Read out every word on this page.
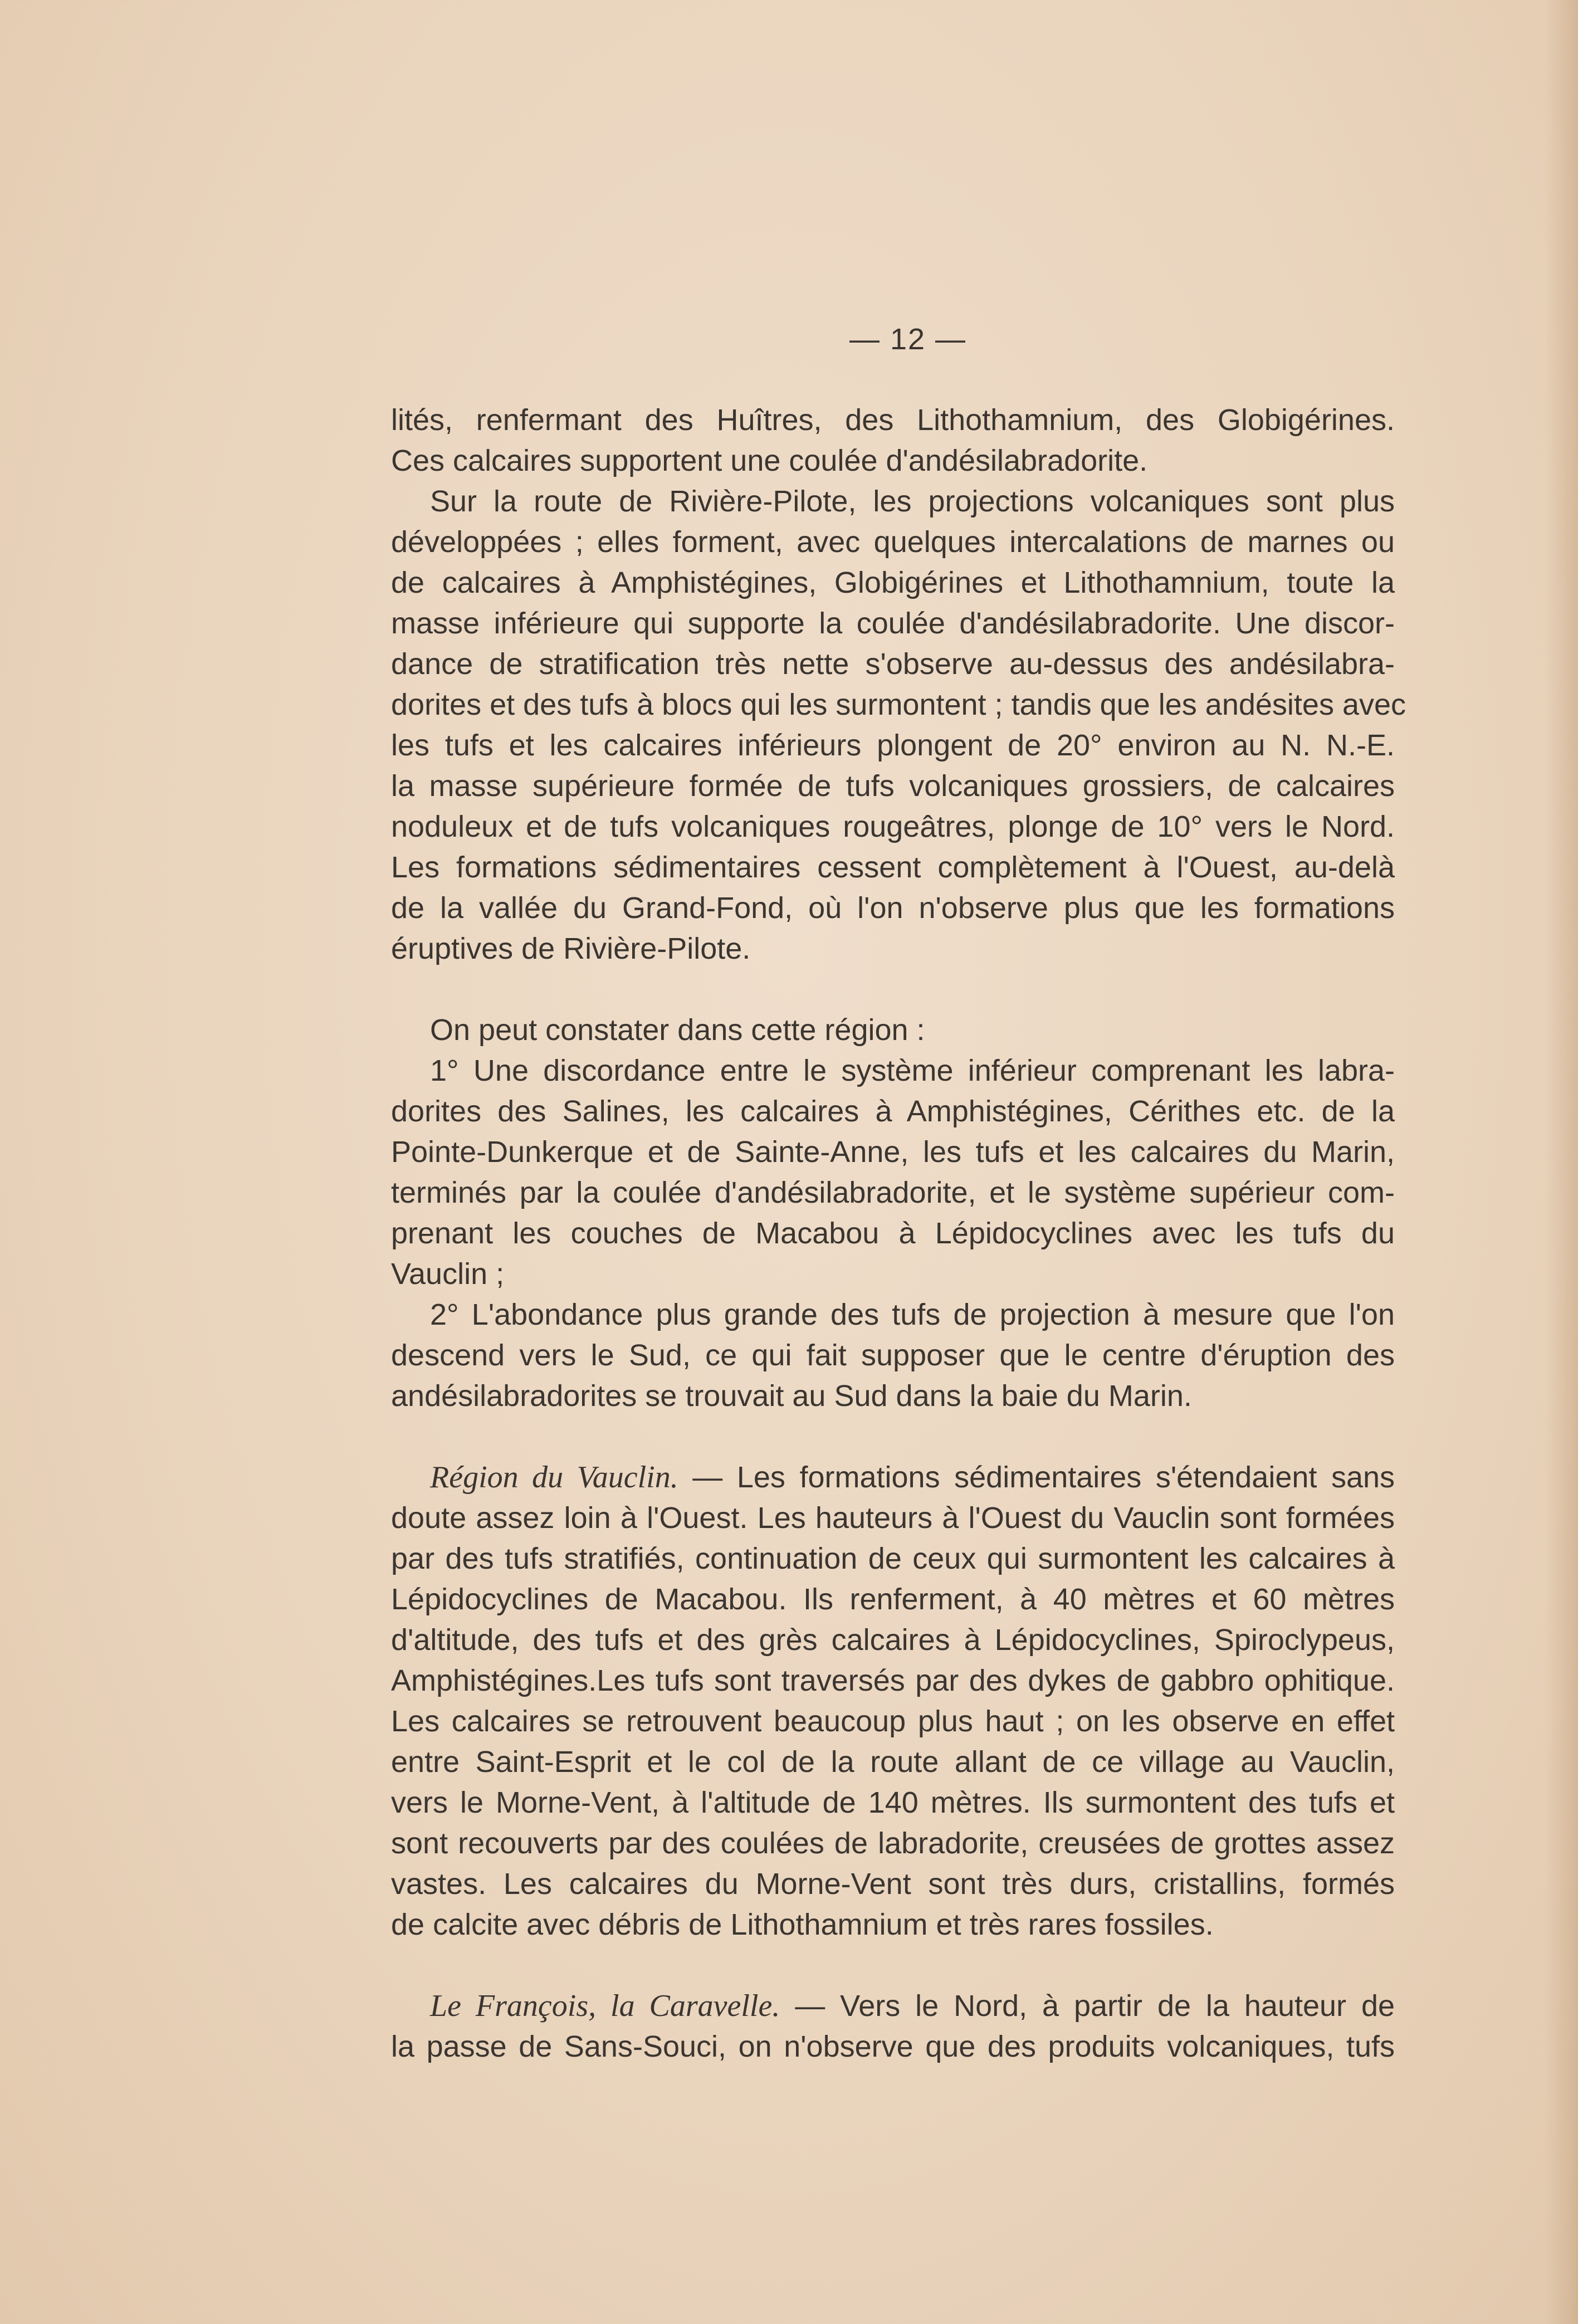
— 12 —

lités, renfermant des Huîtres, des Lithothamnium, des Globigérines.
Ces calcaires supportent une coulée d'andésilabradorite.

Sur la route de Rivière-Pilote, les projections volcaniques sont plus
développées ; elles forment, avec quelques intercalations de marnes ou
de calcaires à Amphistégines, Globigérines et Lithothamnium, toute la
masse inférieure qui supporte la coulée d'andésilabradorite. Une discor-
dance de stratification très nette s'observe au-dessus des andésilabra-
dorites et des tufs à blocs qui les surmontent ; tandis que les andésites avec
les tufs et les calcaires inférieurs plongent de 20° environ au N. N.-E.
la masse supérieure formée de tufs volcaniques grossiers, de calcaires
noduleux et de tufs volcaniques rougeâtres, plonge de 10° vers le Nord.
Les formations sédimentaires cessent complètement à l'Ouest, au-delà
de la vallée du Grand-Fond, où l'on n'observe plus que les formations
éruptives de Rivière-Pilote.

On peut constater dans cette région :

1° Une discordance entre le système inférieur comprenant les labra-
dorites des Salines, les calcaires à Amphistégines, Cérithes etc. de la
Pointe-Dunkerque et de Sainte-Anne, les tufs et les calcaires du Marin,
terminés par la coulée d'andésilabradorite, et le système supérieur com-
prenant les couches de Macabou à Lépidocyclines avec les tufs du
Vauclin ;

2° L'abondance plus grande des tufs de projection à mesure que l'on
descend vers le Sud, ce qui fait supposer que le centre d'éruption des
andésilabradorites se trouvait au Sud dans la baie du Marin.

Région du Vauclin. — Les formations sédimentaires s'étendaient sans
doute assez loin à l'Ouest. Les hauteurs à l'Ouest du Vauclin sont formées
par des tufs stratifiés, continuation de ceux qui surmontent les calcaires à
Lépidocyclines de Macabou. Ils renferment, à 40 mètres et 60 mètres
d'altitude, des tufs et des grès calcaires à Lépidocyclines, Spiroclypeus,
Amphistégines.Les tufs sont traversés par des dykes de gabbro ophitique.
Les calcaires se retrouvent beaucoup plus haut ; on les observe en effet
entre Saint-Esprit et le col de la route allant de ce village au Vauclin,
vers le Morne-Vent, à l'altitude de 140 mètres. Ils surmontent des tufs et
sont recouverts par des coulées de labradorite, creusées de grottes assez
vastes. Les calcaires du Morne-Vent sont très durs, cristallins, formés
de calcite avec débris de Lithothamnium et très rares fossiles.

Le François, la Caravelle. — Vers le Nord, à partir de la hauteur de
la passe de Sans-Souci, on n'observe que des produits volcaniques, tufs
